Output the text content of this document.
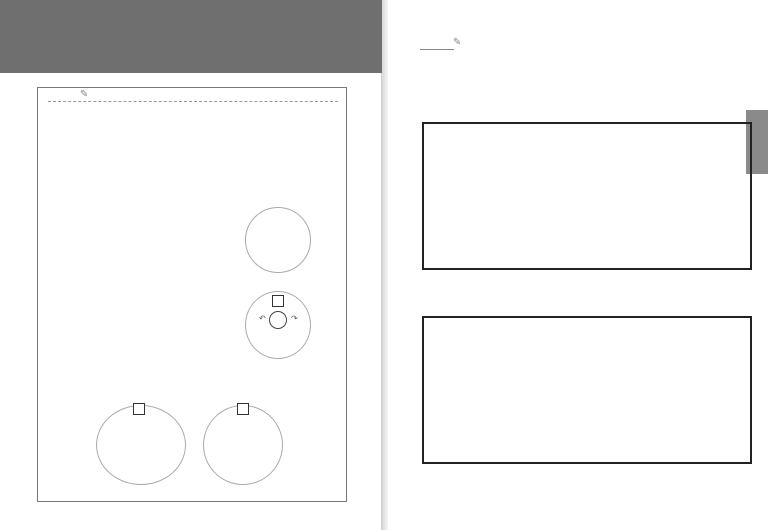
✎
↶	↷
✎
